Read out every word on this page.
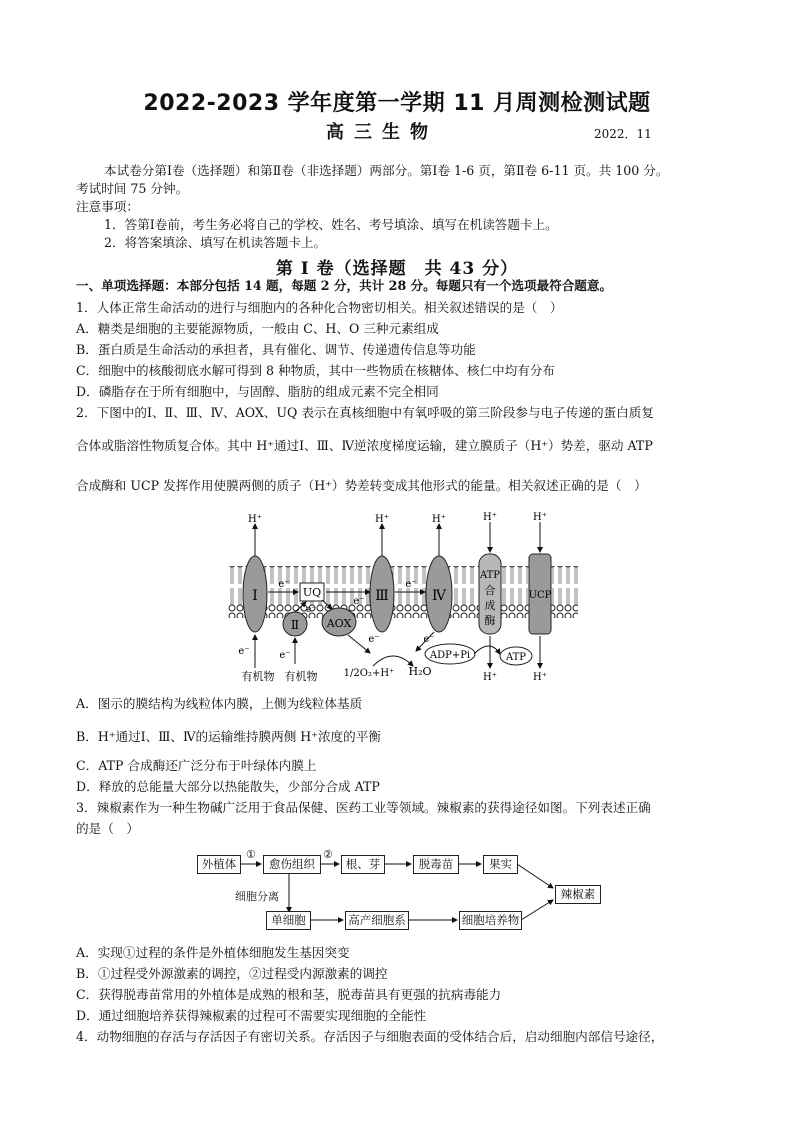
2022-2023 学年度第一学期 11 月周测检测试题
高三生物	2022．11
本试卷分第Ⅰ卷（选择题）和第Ⅱ卷（非选择题）两部分。第Ⅰ卷 1-6 页，第Ⅱ卷 6-11 页。共 100 分。
考试时间 75 分钟。
注意事项：
1．答第Ⅰ卷前，考生务必将自己的学校、姓名、考号填涂、填写在机读答题卡上。
2．将答案填涂、填写在机读答题卡上。
第 Ⅰ 卷（选择题　共 43 分）
一、单项选择题：本部分包括 14 题，每题 2 分，共计 28 分。每题只有一个选项最符合题意。
1．人体正常生命活动的进行与细胞内的各种化合物密切相关。相关叙述错误的是（　）
A．糖类是细胞的主要能源物质，一般由 C、H、O 三种元素组成
B．蛋白质是生命活动的承担者，具有催化、调节、传递遗传信息等功能
C．细胞中的核酸彻底水解可得到 8 种物质，其中一些物质在核糖体、核仁中均有分布
D．磷脂存在于所有细胞中，与固醇、脂肪的组成元素不完全相同
2．下图中的Ⅰ、Ⅱ、Ⅲ、Ⅳ、AOX、UQ 表示在真核细胞中有氧呼吸的第三阶段参与电子传递的蛋白质复
合体或脂溶性物质复合体。其中 H⁺通过Ⅰ、Ⅲ、Ⅳ逆浓度梯度运输，建立膜质子（H⁺）势差，驱动 ATP
合成酶和 UCP 发挥作用使膜两侧的质子（H⁺）势差转变成其他形式的能量。相关叙述正确的是（　）
Ⅰ
H⁺
e⁻
有机物
e⁻
UQ
e⁻
Ⅱ
e⁻
有机物
AOX
e⁻ Ⅲ
H⁺
e⁻
Ⅳ
H⁺
e⁻	e⁻
1/2O₂+H⁺ H₂O
ATP
合
成
酶
H⁺
H⁺
ADP+Pi	ATP
UCP
H⁺
H⁺
A．图示的膜结构为线粒体内膜，上侧为线粒体基质
B．H⁺通过Ⅰ、Ⅲ、Ⅳ的运输维持膜两侧 H⁺浓度的平衡
C．ATP 合成酶还广泛分布于叶绿体内膜上
D．释放的总能量大部分以热能散失，少部分合成 ATP
3．辣椒素作为一种生物碱广泛用于食品保健、医药工业等领域。辣椒素的获得途径如图。下列表述正确
的是（　）
外植体
①
愈伤组织
②
根、芽	脱毒苗	果实
辣椒素
细胞分离
单细胞	高产细胞系	细胞培养物
A．实现①过程的条件是外植体细胞发生基因突变
B．①过程受外源激素的调控，②过程受内源激素的调控
C．获得脱毒苗常用的外植体是成熟的根和茎，脱毒苗具有更强的抗病毒能力
D．通过细胞培养获得辣椒素的过程可不需要实现细胞的全能性
4．动物细胞的存活与存活因子有密切关系。存活因子与细胞表面的受体结合后，启动细胞内部信号途径，
